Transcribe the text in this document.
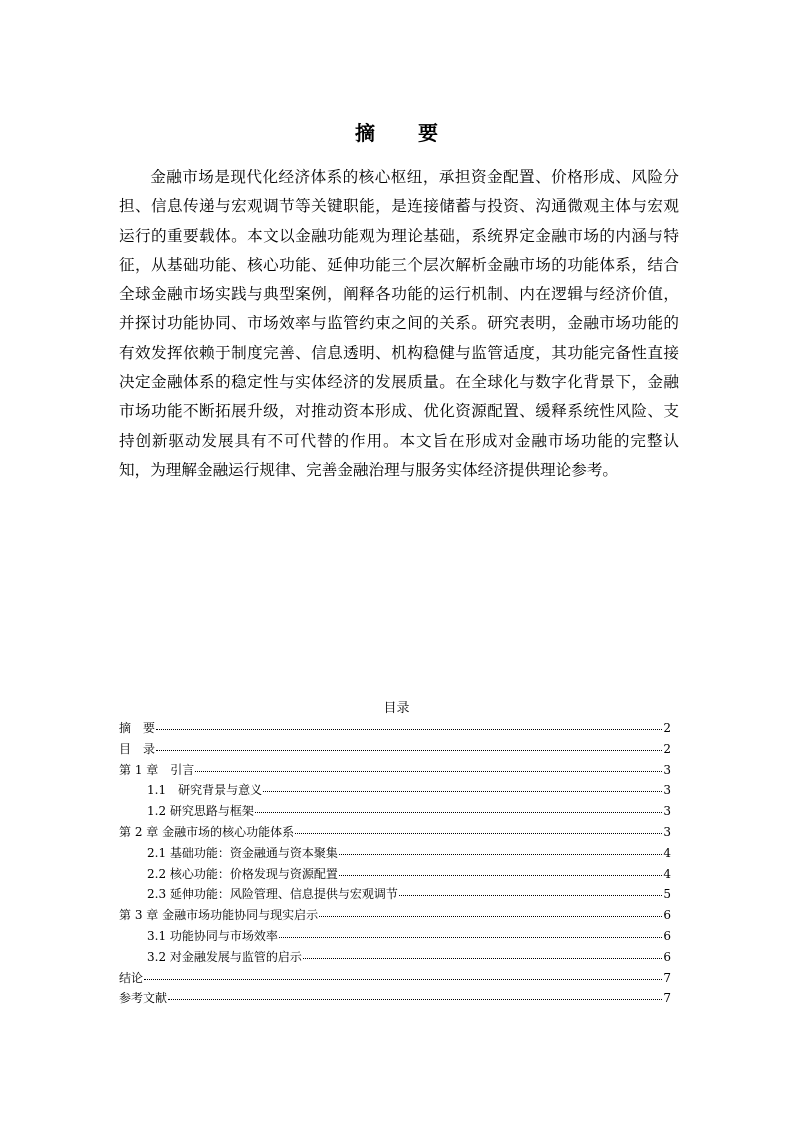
摘 要

金融市场是现代化经济体系的核心枢纽，承担资金配置、价格形成、风险分担、信息传递与宏观调节等关键职能，是连接储蓄与投资、沟通微观主体与宏观运行的重要载体。本文以金融功能观为理论基础，系统界定金融市场的内涵与特征，从基础功能、核心功能、延伸功能三个层次解析金融市场的功能体系，结合全球金融市场实践与典型案例，阐释各功能的运行机制、内在逻辑与经济价值，并探讨功能协同、市场效率与监管约束之间的关系。研究表明，金融市场功能的有效发挥依赖于制度完善、信息透明、机构稳健与监管适度，其功能完备性直接决定金融体系的稳定性与实体经济的发展质量。在全球化与数字化背景下，金融市场功能不断拓展升级，对推动资本形成、优化资源配置、缓释系统性风险、支持创新驱动发展具有不可代替的作用。本文旨在形成对金融市场功能的完整认知，为理解金融运行规律、完善金融治理与服务实体经济提供理论参考。

目录
摘　要	2
目　录	2
第 1 章　引言	3
1.1　研究背景与意义	3
1.2 研究思路与框架	3
第 2 章 金融市场的核心功能体系	3
2.1 基础功能：资金融通与资本聚集	4
2.2 核心功能：价格发现与资源配置	4
2.3 延伸功能：风险管理、信息提供与宏观调节	5
第 3 章 金融市场功能协同与现实启示	6
3.1 功能协同与市场效率	6
3.2 对金融发展与监管的启示	6
结论	7
参考文献	7
